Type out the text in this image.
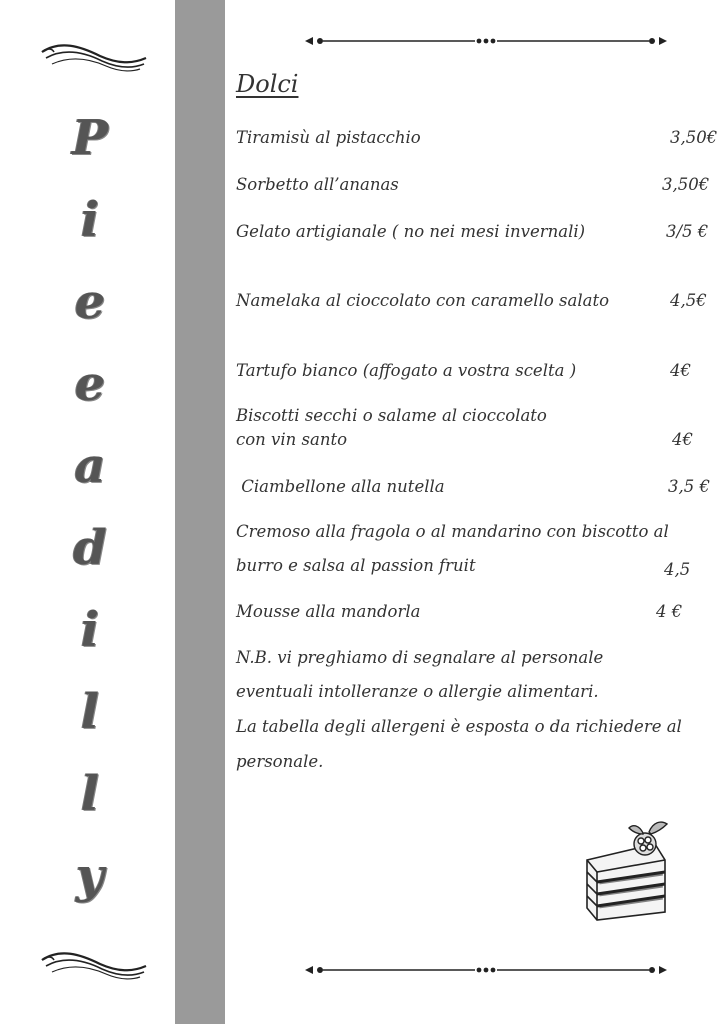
P
i
e
e
a
d
i
l
l
y
Dolci
Tiramisù al pistacchio	3,50€
Sorbetto all’ananas	3,50€
Gelato artigianale ( no nei mesi invernali)	3/5 €
Namelaka al cioccolato con caramello salato	4,5€
Tartufo bianco (affogato a vostra scelta )	4€
Biscotti secchi o salame al cioccolato
con vin santo	4€
Ciambellone alla nutella	3,5 €
Cremoso alla fragola o al mandarino con biscotto al
burro e salsa al passion fruit	4,5
Mousse alla mandorla	4 €
N.B. vi preghiamo di segnalare al personale
eventuali intolleranze o allergie alimentari.
La tabella degli allergeni è esposta o da richiedere al
personale.
